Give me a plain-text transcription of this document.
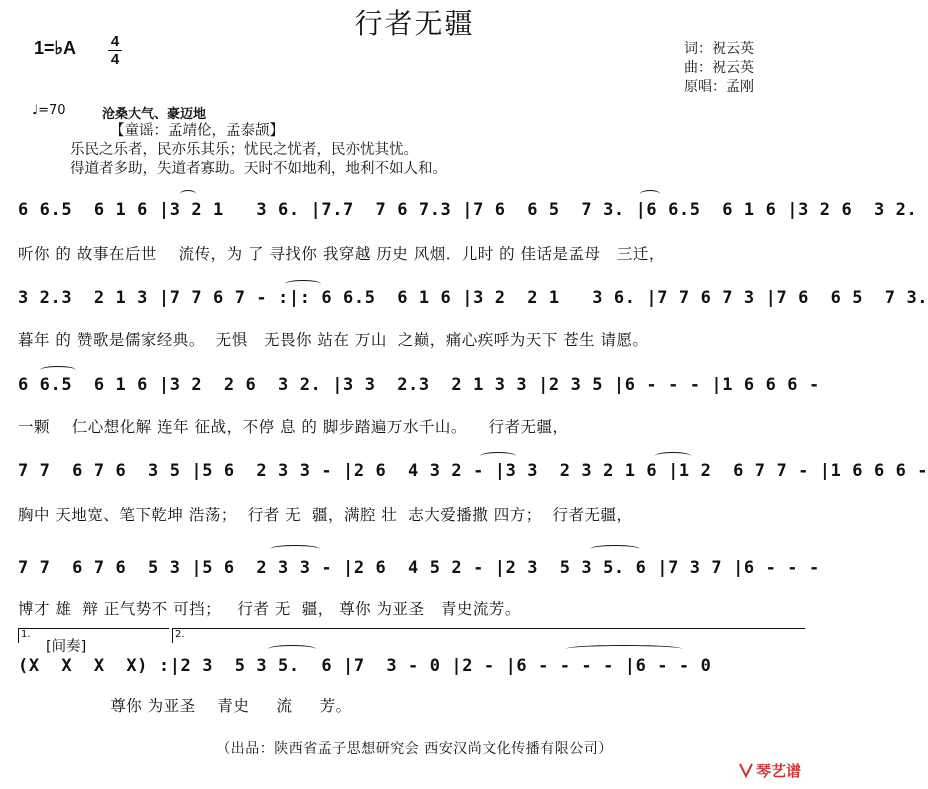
行者无疆
1=♭A 4
4
词：祝云英
曲：祝云英
原唱：孟刚
♩=70	沧桑大气、豪迈地
【童谣：孟靖伦，孟泰颉】
乐民之乐者，民亦乐其乐；忧民之忧者，民亦忧其忧。
得道者多助，失道者寡助。天时不如地利，地利不如人和。
6 6.5  6 1 6 |3 2 1   3 6. |7.7  7 6 7.3 |7 6  6 5  7 3. |6 6.5  6 1 6 |3 2 6  3 2.
听你 的 故事在后世    流传，为 了 寻找你 我穿越 历史 风烟．儿时 的 佳话是孟母   三迁，
3 2.3  2 1 3 |7 7 6 7 - :|: 6 6.5  6 1 6 |3 2  2 1   3 6. |7 7 6 7 3 |7 6  6 5  7 3.
暮年 的 赞歌是儒家经典。  无惧   无畏你 站在 万山  之巅，痛心疾呼为天下 苍生 请愿。
6 6.5  6 1 6 |3 2  2 6  3 2. |3 3  2.3  2 1 3 3 |2 3 5 |6 - - - |1 6 6 6 -
一颗    仁心想化解 连年 征战，不停 息 的 脚步踏遍万水千山。    行者无疆，
7 7  6 7 6  3 5 |5 6  2 3 3 - |2 6  4 3 2 - |3 3  2 3 2 1 6 |1 2  6 7 7 - |1 6 6 6 -
胸中 天地宽、笔下乾坤 浩荡；  行者 无  疆，满腔 壮  志大爱播撒 四方；  行者无疆，
7 7  6 7 6  5 3 |5 6  2 3 3 - |2 6  4 5 2 - |2 3  5 3 5. 6 |7 3 7 |6 - - -
博才 雄  辩 正气势不 可挡；   行者 无  疆， 尊你 为亚圣   青史流芳。
1.	2.
[间奏]
(X  X  X  X) :|2 3  5 3 5.  6 |7  3 - 0 |2 - |6 - - - - |6 - - 0
尊你 为亚圣    青史     流     芳。
（出品：陕西省孟子思想研究会 西安汉尚文化传播有限公司）
琴艺谱
